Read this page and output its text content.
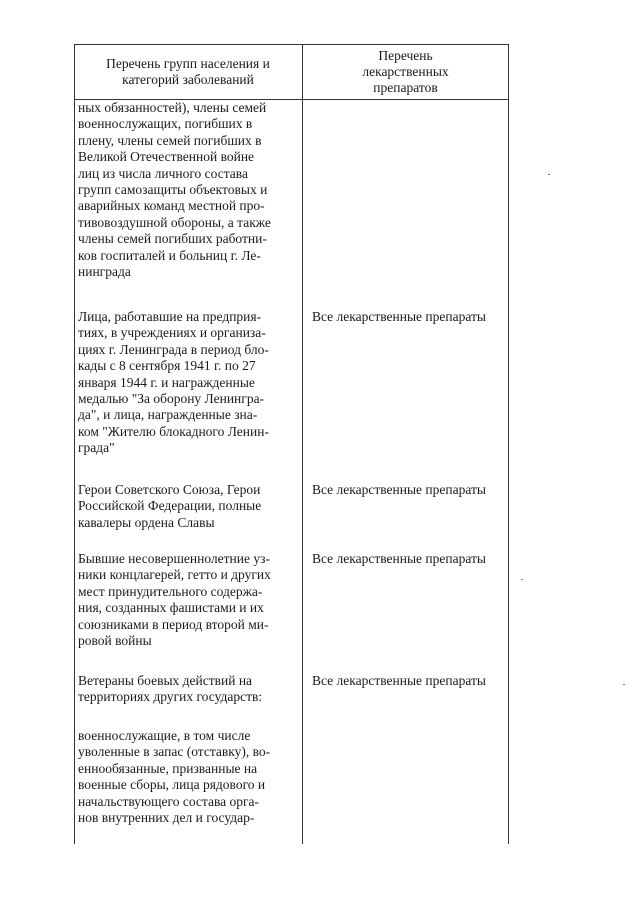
Перечень групп населения и
категорий заболеваний
Перечень
лекарственных
препаратов
ных обязанностей), члены семей
военнослужащих, погибших в
плену, члены семей погибших в
Великой Отечественной войне
лиц из числа личного состава
групп самозащиты объектовых и
аварийных команд местной про-
тивовоздушной обороны, а также
члены семей погибших работни-
ков госпиталей и больниц г. Ле-
нинграда
Лица, работавшие на предприя-
тиях, в учреждениях и организа-
циях г. Ленинграда в период бло-
кады с 8 сентября 1941 г. по 27
января 1944 г. и награжденные
медалью "За оборону Ленингра-
да", и лица, награжденные зна-
ком "Жителю блокадного Ленин-
града"
Все лекарственные препараты
Герои Советского Союза, Герои
Российской Федерации, полные
кавалеры ордена Славы
Все лекарственные препараты
Бывшие несовершеннолетние уз-
ники концлагерей, гетто и других
мест принудительного содержа-
ния, созданных фашистами и их
союзниками в период второй ми-
ровой войны
Все лекарственные препараты
Ветераны боевых действий на
территориях других государств:
Все лекарственные препараты
военнослужащие, в том числе
уволенные в запас (отставку), во-
еннообязанные, призванные на
военные сборы, лица рядового и
начальствующего состава орга-
нов внутренних дел и государ-
